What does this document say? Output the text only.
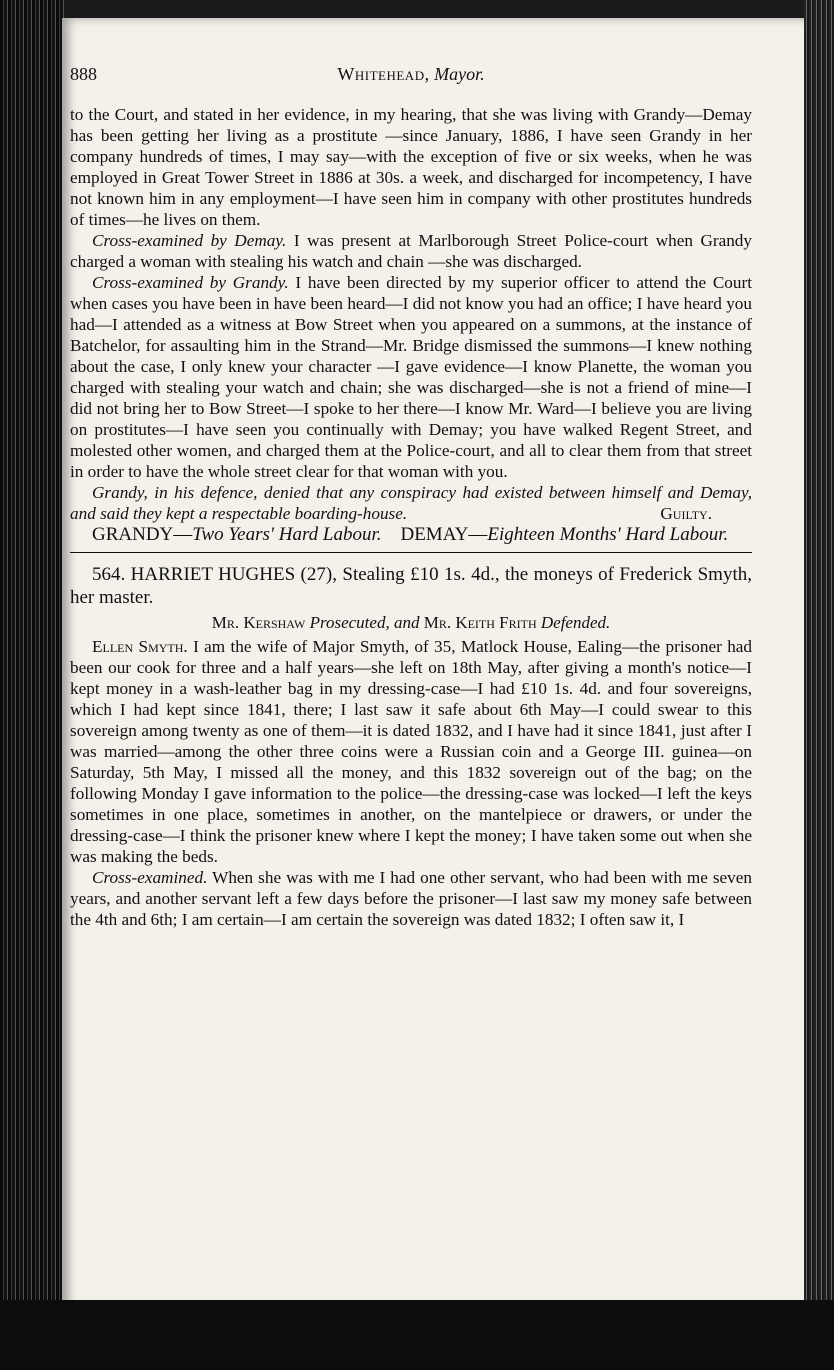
888	Whitehead, Mayor.

to the Court, and stated in her evidence, in my hearing, that she was living with Grandy—Demay has been getting her living as a prostitute —since January, 1886, I have seen Grandy in her company hundreds of times, I may say—with the exception of five or six weeks, when he was employed in Great Tower Street in 1886 at 30s. a week, and discharged for incompetency, I have not known him in any employment—I have seen him in company with other prostitutes hundreds of times—he lives on them.

Cross-examined by Demay. I was present at Marlborough Street Police-court when Grandy charged a woman with stealing his watch and chain —she was discharged.

Cross-examined by Grandy. I have been directed by my superior officer to attend the Court when cases you have been in have been heard—I did not know you had an office; I have heard you had—I attended as a witness at Bow Street when you appeared on a summons, at the instance of Batchelor, for assaulting him in the Strand—Mr. Bridge dismissed the summons—I knew nothing about the case, I only knew your character —I gave evidence—I know Planette, the woman you charged with stealing your watch and chain; she was discharged—she is not a friend of mine—I did not bring her to Bow Street—I spoke to her there—I know Mr. Ward—I believe you are living on prostitutes—I have seen you continually with Demay; you have walked Regent Street, and molested other women, and charged them at the Police-court, and all to clear them from that street in order to have the whole street clear for that woman with you.

Grandy, in his defence, denied that any conspiracy had existed between himself and Demay, and said they kept a respectable boarding-house.	Guilty.

GRANDY—Two Years' Hard Labour. DEMAY—Eighteen Months' Hard Labour.

564. HARRIET HUGHES (27), Stealing £10 1s. 4d., the moneys of Frederick Smyth, her master.

Mr. Kershaw Prosecuted, and Mr. Keith Frith Defended.

Ellen Smyth. I am the wife of Major Smyth, of 35, Matlock House, Ealing—the prisoner had been our cook for three and a half years—she left on 18th May, after giving a month's notice—I kept money in a wash-leather bag in my dressing-case—I had £10 1s. 4d. and four sovereigns, which I had kept since 1841, there; I last saw it safe about 6th May—I could swear to this sovereign among twenty as one of them—it is dated 1832, and I have had it since 1841, just after I was married—among the other three coins were a Russian coin and a George III. guinea—on Saturday, 5th May, I missed all the money, and this 1832 sovereign out of the bag; on the following Monday I gave information to the police—the dressing-case was locked—I left the keys sometimes in one place, sometimes in another, on the mantelpiece or drawers, or under the dressing-case—I think the prisoner knew where I kept the money; I have taken some out when she was making the beds.

Cross-examined. When she was with me I had one other servant, who had been with me seven years, and another servant left a few days before the prisoner—I last saw my money safe between the 4th and 6th; I am certain—I am certain the sovereign was dated 1832; I often saw it, I
